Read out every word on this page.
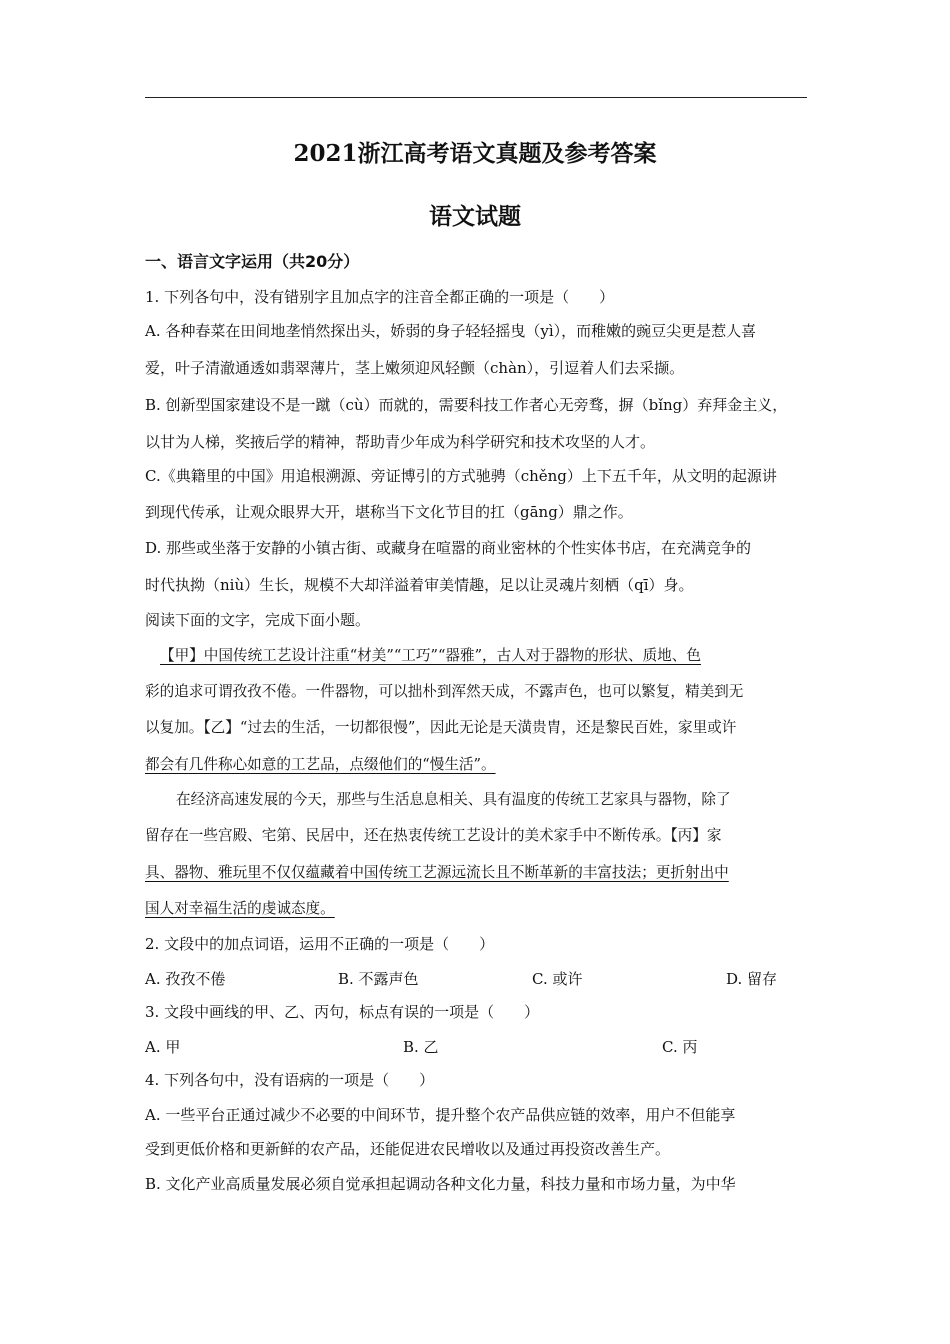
2021浙江高考语文真题及参考答案
语文试题
一、语言文字运用（共20分）
1. 下列各句中，没有错别字且加点字的注音全都正确的一项是（　　）
A. 各种春菜在田间地垄悄然探出头，娇弱的身子轻轻摇曳（yì），而稚嫩的豌豆尖更是惹人喜
爱，叶子清澈通透如翡翠薄片，茎上嫩须迎风轻颤（chàn），引逗着人们去采撷。
B. 创新型国家建设不是一蹴（cù）而就的，需要科技工作者心无旁骛，摒（bǐng）弃拜金主义，
以甘为人梯，奖掖后学的精神，帮助青少年成为科学研究和技术攻坚的人才。
C.《典籍里的中国》用追根溯源、旁证博引的方式驰骋（chěng）上下五千年，从文明的起源讲
到现代传承，让观众眼界大开，堪称当下文化节目的扛（gāng）鼎之作。
D. 那些或坐落于安静的小镇古街、或藏身在喧嚣的商业密林的个性实体书店，在充满竞争的
时代执拗（niù）生长，规模不大却洋溢着审美情趣，足以让灵魂片刻栖（qī）身。
阅读下面的文字，完成下面小题。
【甲】中国传统工艺设计注重“材美”“工巧”“器雅”，古人对于器物的形状、质地、色
彩的追求可谓孜孜不倦。一件器物，可以拙朴到浑然天成，不露声色，也可以繁复，精美到无
以复加。【乙】“过去的生活，一切都很慢”，因此无论是天潢贵胄，还是黎民百姓，家里或许
都会有几件称心如意的工艺品，点缀他们的“慢生活”。
在经济高速发展的今天，那些与生活息息相关、具有温度的传统工艺家具与器物，除了
留存在一些宫殿、宅第、民居中，还在热衷传统工艺设计的美术家手中不断传承。【丙】家
具、器物、雅玩里不仅仅蕴藏着中国传统工艺源远流长且不断革新的丰富技法；更折射出中
国人对幸福生活的虔诚态度。
2. 文段中的加点词语，运用不正确的一项是（　　）
A. 孜孜不倦	B. 不露声色	C. 或许	D. 留存
3. 文段中画线的甲、乙、丙句，标点有误的一项是（　　）
A. 甲	B. 乙	C. 丙
4. 下列各句中，没有语病的一项是（　　）
A. 一些平台正通过减少不必要的中间环节，提升整个农产品供应链的效率，用户不但能享
受到更低价格和更新鲜的农产品，还能促进农民增收以及通过再投资改善生产。
B. 文化产业高质量发展必须自觉承担起调动各种文化力量，科技力量和市场力量，为中华
